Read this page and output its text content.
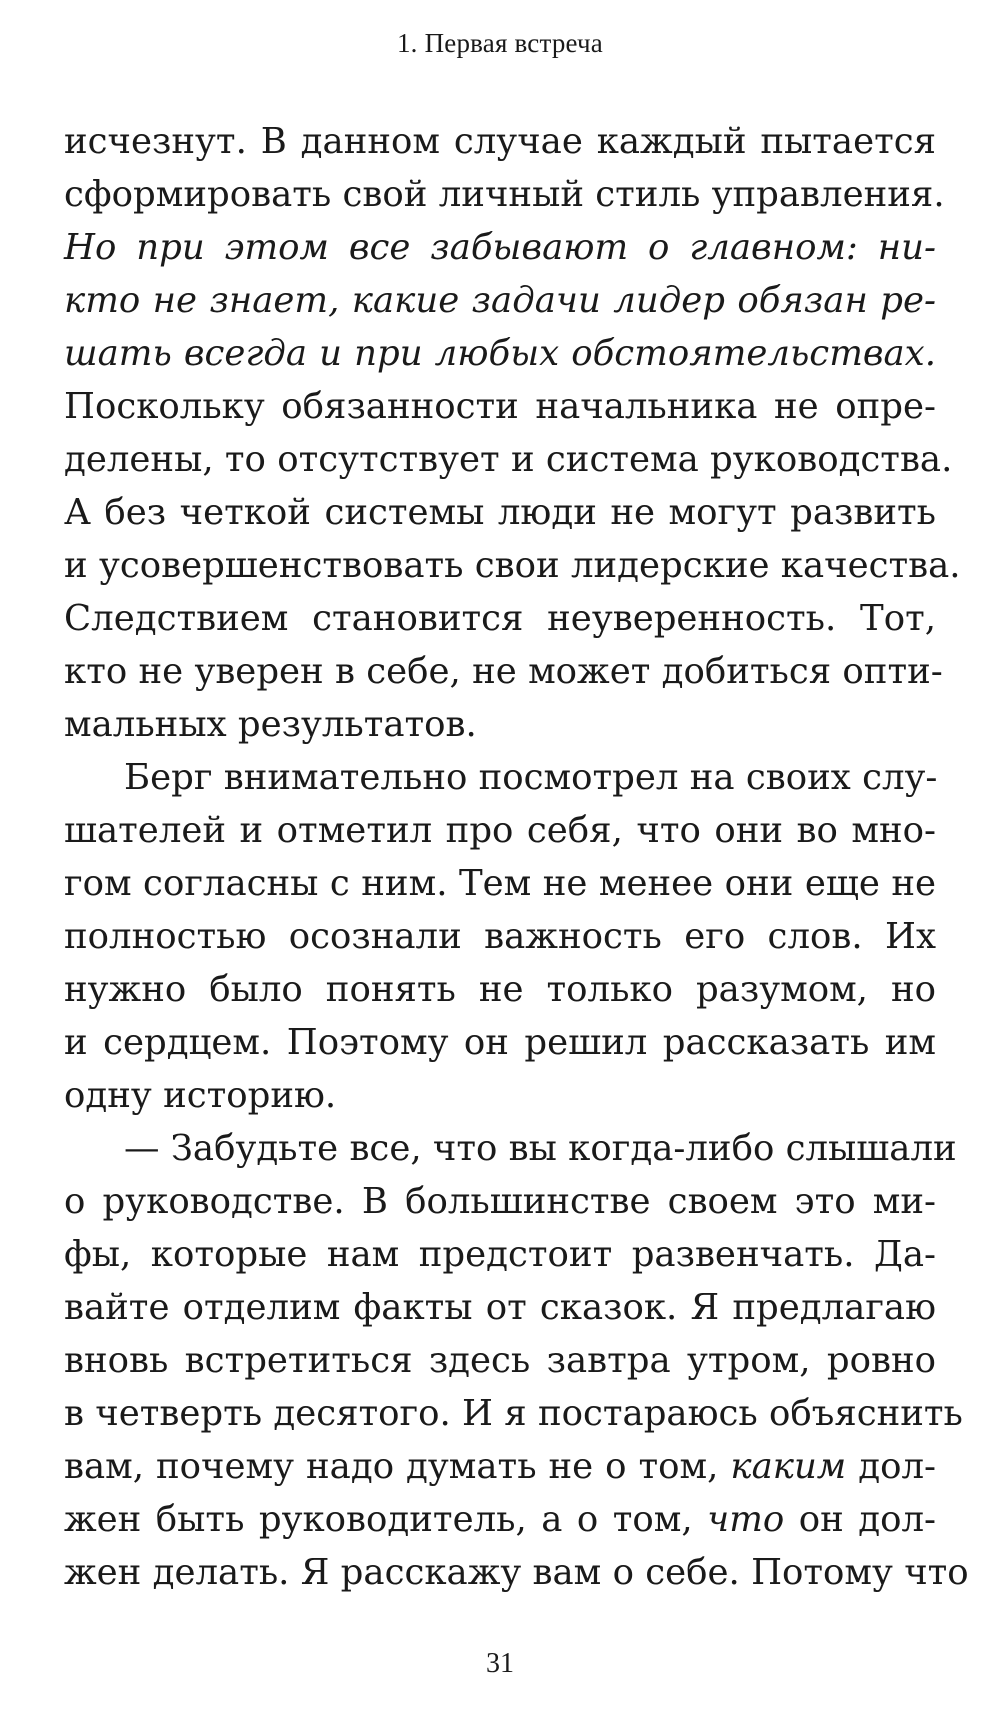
1. Первая встреча
исчезнут. В данном случае каждый пытается
сформировать свой личный стиль управления.
Но при этом все забывают о главном: ни-
кто не знает, какие задачи лидер обязан ре-
шать всегда и при любых обстоятельствах.
Поскольку обязанности начальника не опре-
делены, то отсутствует и система руководства.
А без четкой системы люди не могут развить
и усовершенствовать свои лидерские качества.
Следствием становится неуверенность. Тот,
кто не уверен в себе, не может добиться опти-
мальных результатов.
Берг внимательно посмотрел на своих слу-
шателей и отметил про себя, что они во мно-
гом согласны с ним. Тем не менее они еще не
полностью осознали важность его слов. Их
нужно было понять не только разумом, но
и сердцем. Поэтому он решил рассказать им
одну историю.
— Забудьте все, что вы когда-либо слышали
о руководстве. В большинстве своем это ми-
фы, которые нам предстоит развенчать. Да-
вайте отделим факты от сказок. Я предлагаю
вновь встретиться здесь завтра утром, ровно
в четверть десятого. И я постараюсь объяснить
вам, почему надо думать не о том, каким дол-
жен быть руководитель, а о том, что он дол-
жен делать. Я расскажу вам о себе. Потому что
31
